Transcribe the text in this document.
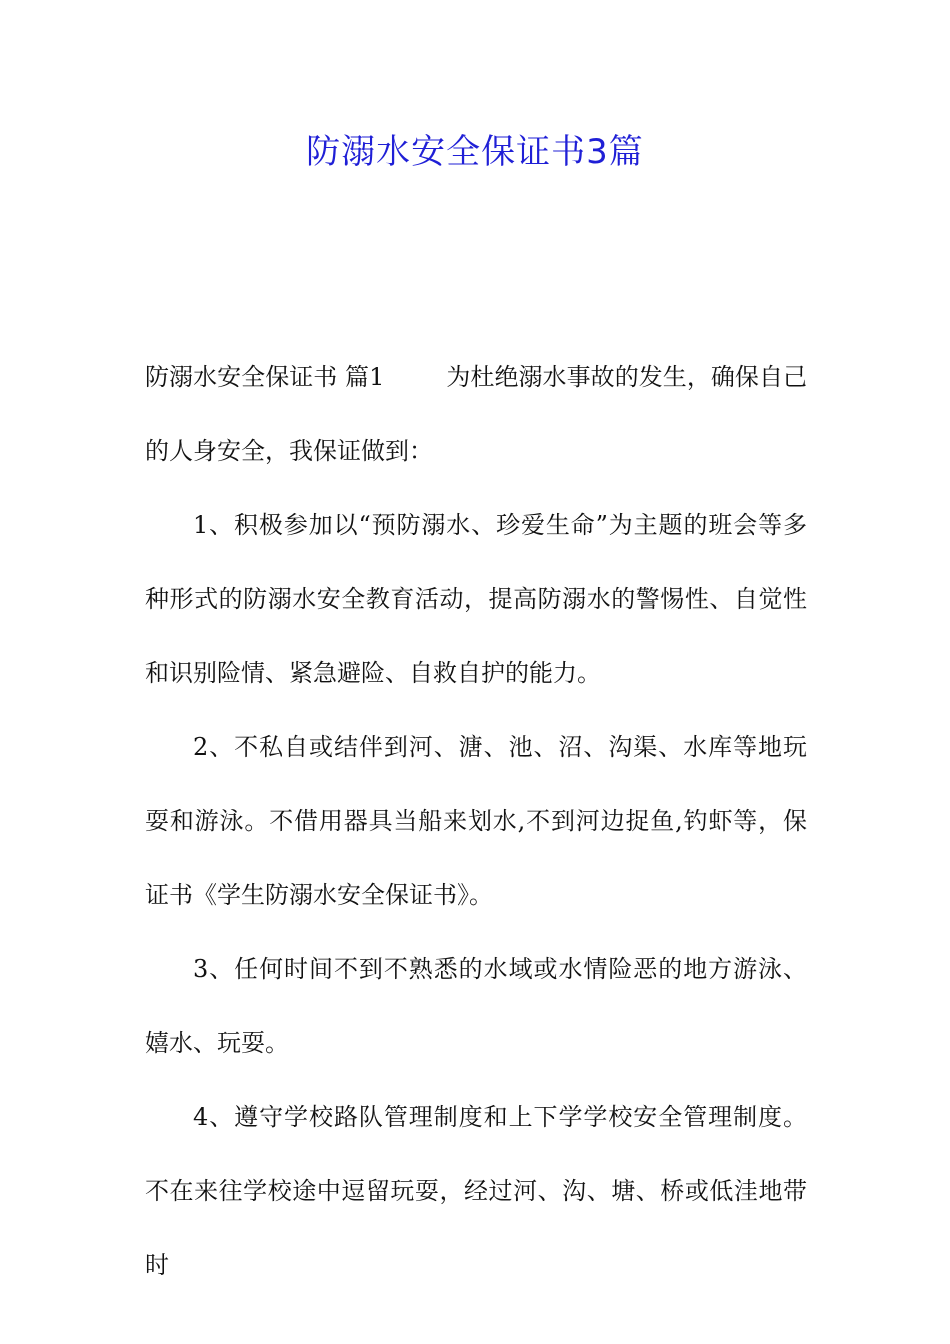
防溺水安全保证书3篇

防溺水安全保证书 篇1	为杜绝溺水事故的发生，确保自己的人身安全，我保证做到：

1、积极参加以“预防溺水、珍爱生命”为主题的班会等多种形式的防溺水安全教育活动，提高防溺水的警惕性、自觉性和识别险情、紧急避险、自救自护的能力。

2、不私自或结伴到河、溏、池、沼、沟渠、水库等地玩耍和游泳。不借用器具当船来划水,不到河边捉鱼,钓虾等，保证书《学生防溺水安全保证书》。

3、任何时间不到不熟悉的水域或水情险恶的地方游泳、嬉水、玩耍。

4、遵守学校路队管理制度和上下学学校安全管理制度。不在来往学校途中逗留玩耍，经过河、沟、塘、桥或低洼地带时
